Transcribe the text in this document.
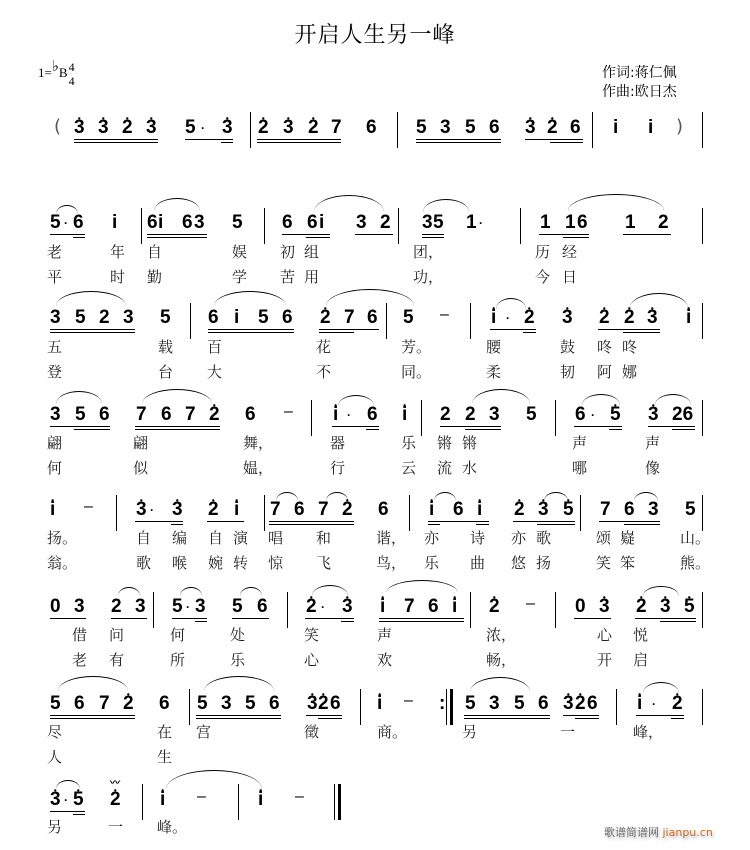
开启人生另一峰
1=♭B4
4	作词:蒋仁佩
作曲:欧日杰
( • 3 • 3 • 2 • 3 5 · • 3 • 2 • 3 • 2 7 6 5 3 5 6 • 3 • 2 6 i i )
5 · 6 i 6 i 6 3 5 6 6 i 3 2 3 5 1 ·	1 1 6 1 2
老	年 自	娱 初 组	团，	历 经
平	时 勤	学 苦 用	功，	今 日
3 5 2 3 5 6 i 5 6 • 2 7 6 5 – • i · • 2 • 3 • 2 • 2 • 3 • i
五	载 百	花	芳。	腰	鼓 咚 咚
登	台 大	不	同。	柔	韧 阿 娜
3 5 6 7 6 7 • 2 6 – • i · 6 • i 2 2 3 5 6 · • 5 • 3 26
翩	翩	舞，	器	乐 锵 锵	声	声
何	似	媪，	行	云 流 水	哪	像
• i – • 3 · • 3 • 2 • i 7 6 7 • 2 6 • i 6 • i • 2 • 3 • 5 7 6 3 5
扬。	自 编 自 演 唱 和	谐， 亦 诗 亦 歌	颂 嶷	山。
翁。	歌 喉 婉 转 惊 飞	鸟， 乐 曲 悠 扬	笑 笨	熊。
0 3 2 3 5 · 3 5 6 • 2 · • 3 • i 7 6 • i • 2 – 0 • 3 • 2 • 3 • 5
借 问	何	处	笑	声	浓，	心 悦
老 有	所	乐	心	欢	畅，	开 启
5 6 7 • 2 6 5 3 5 6 • 3 • 2 6 • i – : 5 3 5 6 • 3 • 2 6 • i · • 2
尽	在 宫	徵	商。	另	一	峰，
人	生
• 3 · • 5
〰
• 2 • i –	• i –
另	一 峰。	歌谱简谱网 jianpu.cn
